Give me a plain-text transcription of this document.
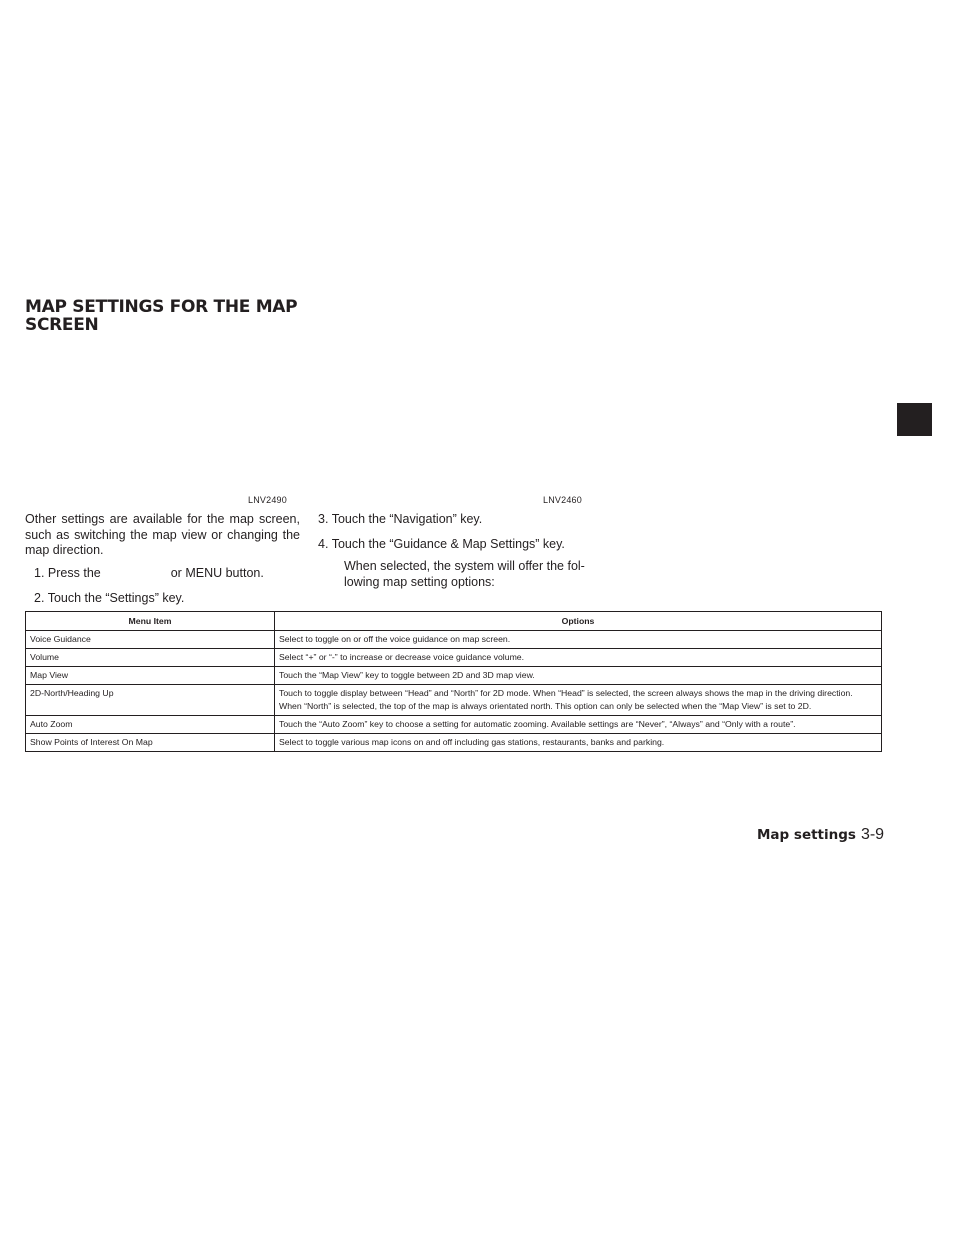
MAP SETTINGS FOR THE MAP
SCREEN
LNV2490	LNV2460

Other settings are available for the map screen, such as switching the map view or changing the map direction.

1. Press the	or MENU button.
2. Touch the “Settings” key.
3. Touch the “Navigation” key.
4. Touch the “Guidance & Map Settings” key.

When selected, the system will offer the fol-lowing map setting options:

Menu Item	Options
Voice Guidance	Select to toggle on or off the voice guidance on map screen.
Volume	Select “+” or “-” to increase or decrease voice guidance volume.
Map View	Touch the “Map View” key to toggle between 2D and 3D map view.
2D-North/Heading Up	Touch to toggle display between “Head” and “North” for 2D mode. When “Head” is selected, the screen always shows the map in the driving direction. When “North” is selected, the top of the map is always orientated north. This option can only be selected when the “Map View” is set to 2D.
Auto Zoom	Touch the “Auto Zoom” key to choose a setting for automatic zooming. Available settings are “Never”, “Always” and “Only with a route”.
Show Points of Interest On Map	Select to toggle various map icons on and off including gas stations, restaurants, banks and parking.
Map settings 3-9
